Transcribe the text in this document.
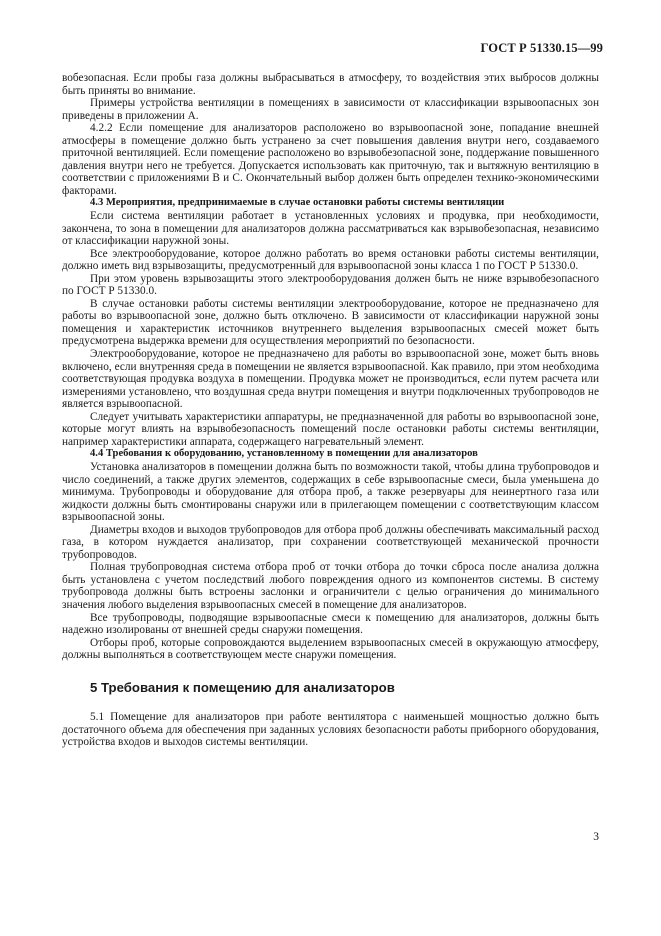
ГОСТ Р 51330.15—99

вобезопасная. Если пробы газа должны выбрасываться в атмосферу, то воздействия этих выбросов должны быть приняты во внимание.

Примеры устройства вентиляции в помещениях в зависимости от классификации взрывоопасных зон приведены в приложении А.

4.2.2 Если помещение для анализаторов расположено во взрывоопасной зоне, попадание внешней атмосферы в помещение должно быть устранено за счет повышения давления внутри него, создаваемого приточной вентиляцией. Если помещение расположено во взрывобезопасной зоне, поддержание повышенного давления внутри него не требуется. Допускается использовать как приточную, так и вытяжную вентиляцию в соответствии с приложениями В и С. Окончательный выбор должен быть определен технико-экономическими факторами.

4.3 Мероприятия, предпринимаемые в случае остановки работы системы вентиляции

Если система вентиляции работает в установленных условиях и продувка, при необходимости, закончена, то зона в помещении для анализаторов должна рассматриваться как взрывобезопасная, независимо от классификации наружной зоны.

Все электрооборудование, которое должно работать во время остановки работы системы вентиляции, должно иметь вид взрывозащиты, предусмотренный для взрывоопасной зоны класса 1 по ГОСТ Р 51330.0.

При этом уровень взрывозащиты этого электрооборудования должен быть не ниже взрывобезопасного по ГОСТ Р 51330.0.

В случае остановки работы системы вентиляции электрооборудование, которое не предназначено для работы во взрывоопасной зоне, должно быть отключено. В зависимости от классификации наружной зоны помещения и характеристик источников внутреннего выделения взрывоопасных смесей может быть предусмотрена выдержка времени для осуществления мероприятий по безопасности.

Электрооборудование, которое не предназначено для работы во взрывоопасной зоне, может быть вновь включено, если внутренняя среда в помещении не является взрывоопасной. Как правило, при этом необходима соответствующая продувка воздуха в помещении. Продувка может не производиться, если путем расчета или измерениями установлено, что воздушная среда внутри помещения и внутри подключенных трубопроводов не является взрывоопасной.

Следует учитывать характеристики аппаратуры, не предназначенной для работы во взрывоопасной зоне, которые могут влиять на взрывобезопасность помещений после остановки работы системы вентиляции, например характеристики аппарата, содержащего нагревательный элемент.

4.4 Требования к оборудованию, установленному в помещении для анализаторов

Установка анализаторов в помещении должна быть по возможности такой, чтобы длина трубопроводов и число соединений, а также других элементов, содержащих в себе взрывоопасные смеси, была уменьшена до минимума. Трубопроводы и оборудование для отбора проб, а также резервуары для неинертного газа или жидкости должны быть смонтированы снаружи или в прилегающем помещении с соответствующим классом взрывоопасной зоны.

Диаметры входов и выходов трубопроводов для отбора проб должны обеспечивать максимальный расход газа, в котором нуждается анализатор, при сохранении соответствующей механической прочности трубопроводов.

Полная трубопроводная система отбора проб от точки отбора до точки сброса после анализа должна быть установлена с учетом последствий любого повреждения одного из компонентов системы. В систему трубопровода должны быть встроены заслонки и ограничители с целью ограничения до минимального значения любого выделения взрывоопасных смесей в помещение для анализаторов.

Все трубопроводы, подводящие взрывоопасные смеси к помещению для анализаторов, должны быть надежно изолированы от внешней среды снаружи помещения.

Отборы проб, которые сопровождаются выделением взрывоопасных смесей в окружающую атмосферу, должны выполняться в соответствующем месте снаружи помещения.

5 Требования к помещению для анализаторов

5.1 Помещение для анализаторов при работе вентилятора с наименьшей мощностью должно быть достаточного объема для обеспечения при заданных условиях безопасности работы приборного оборудования, устройства входов и выходов системы вентиляции.

3
